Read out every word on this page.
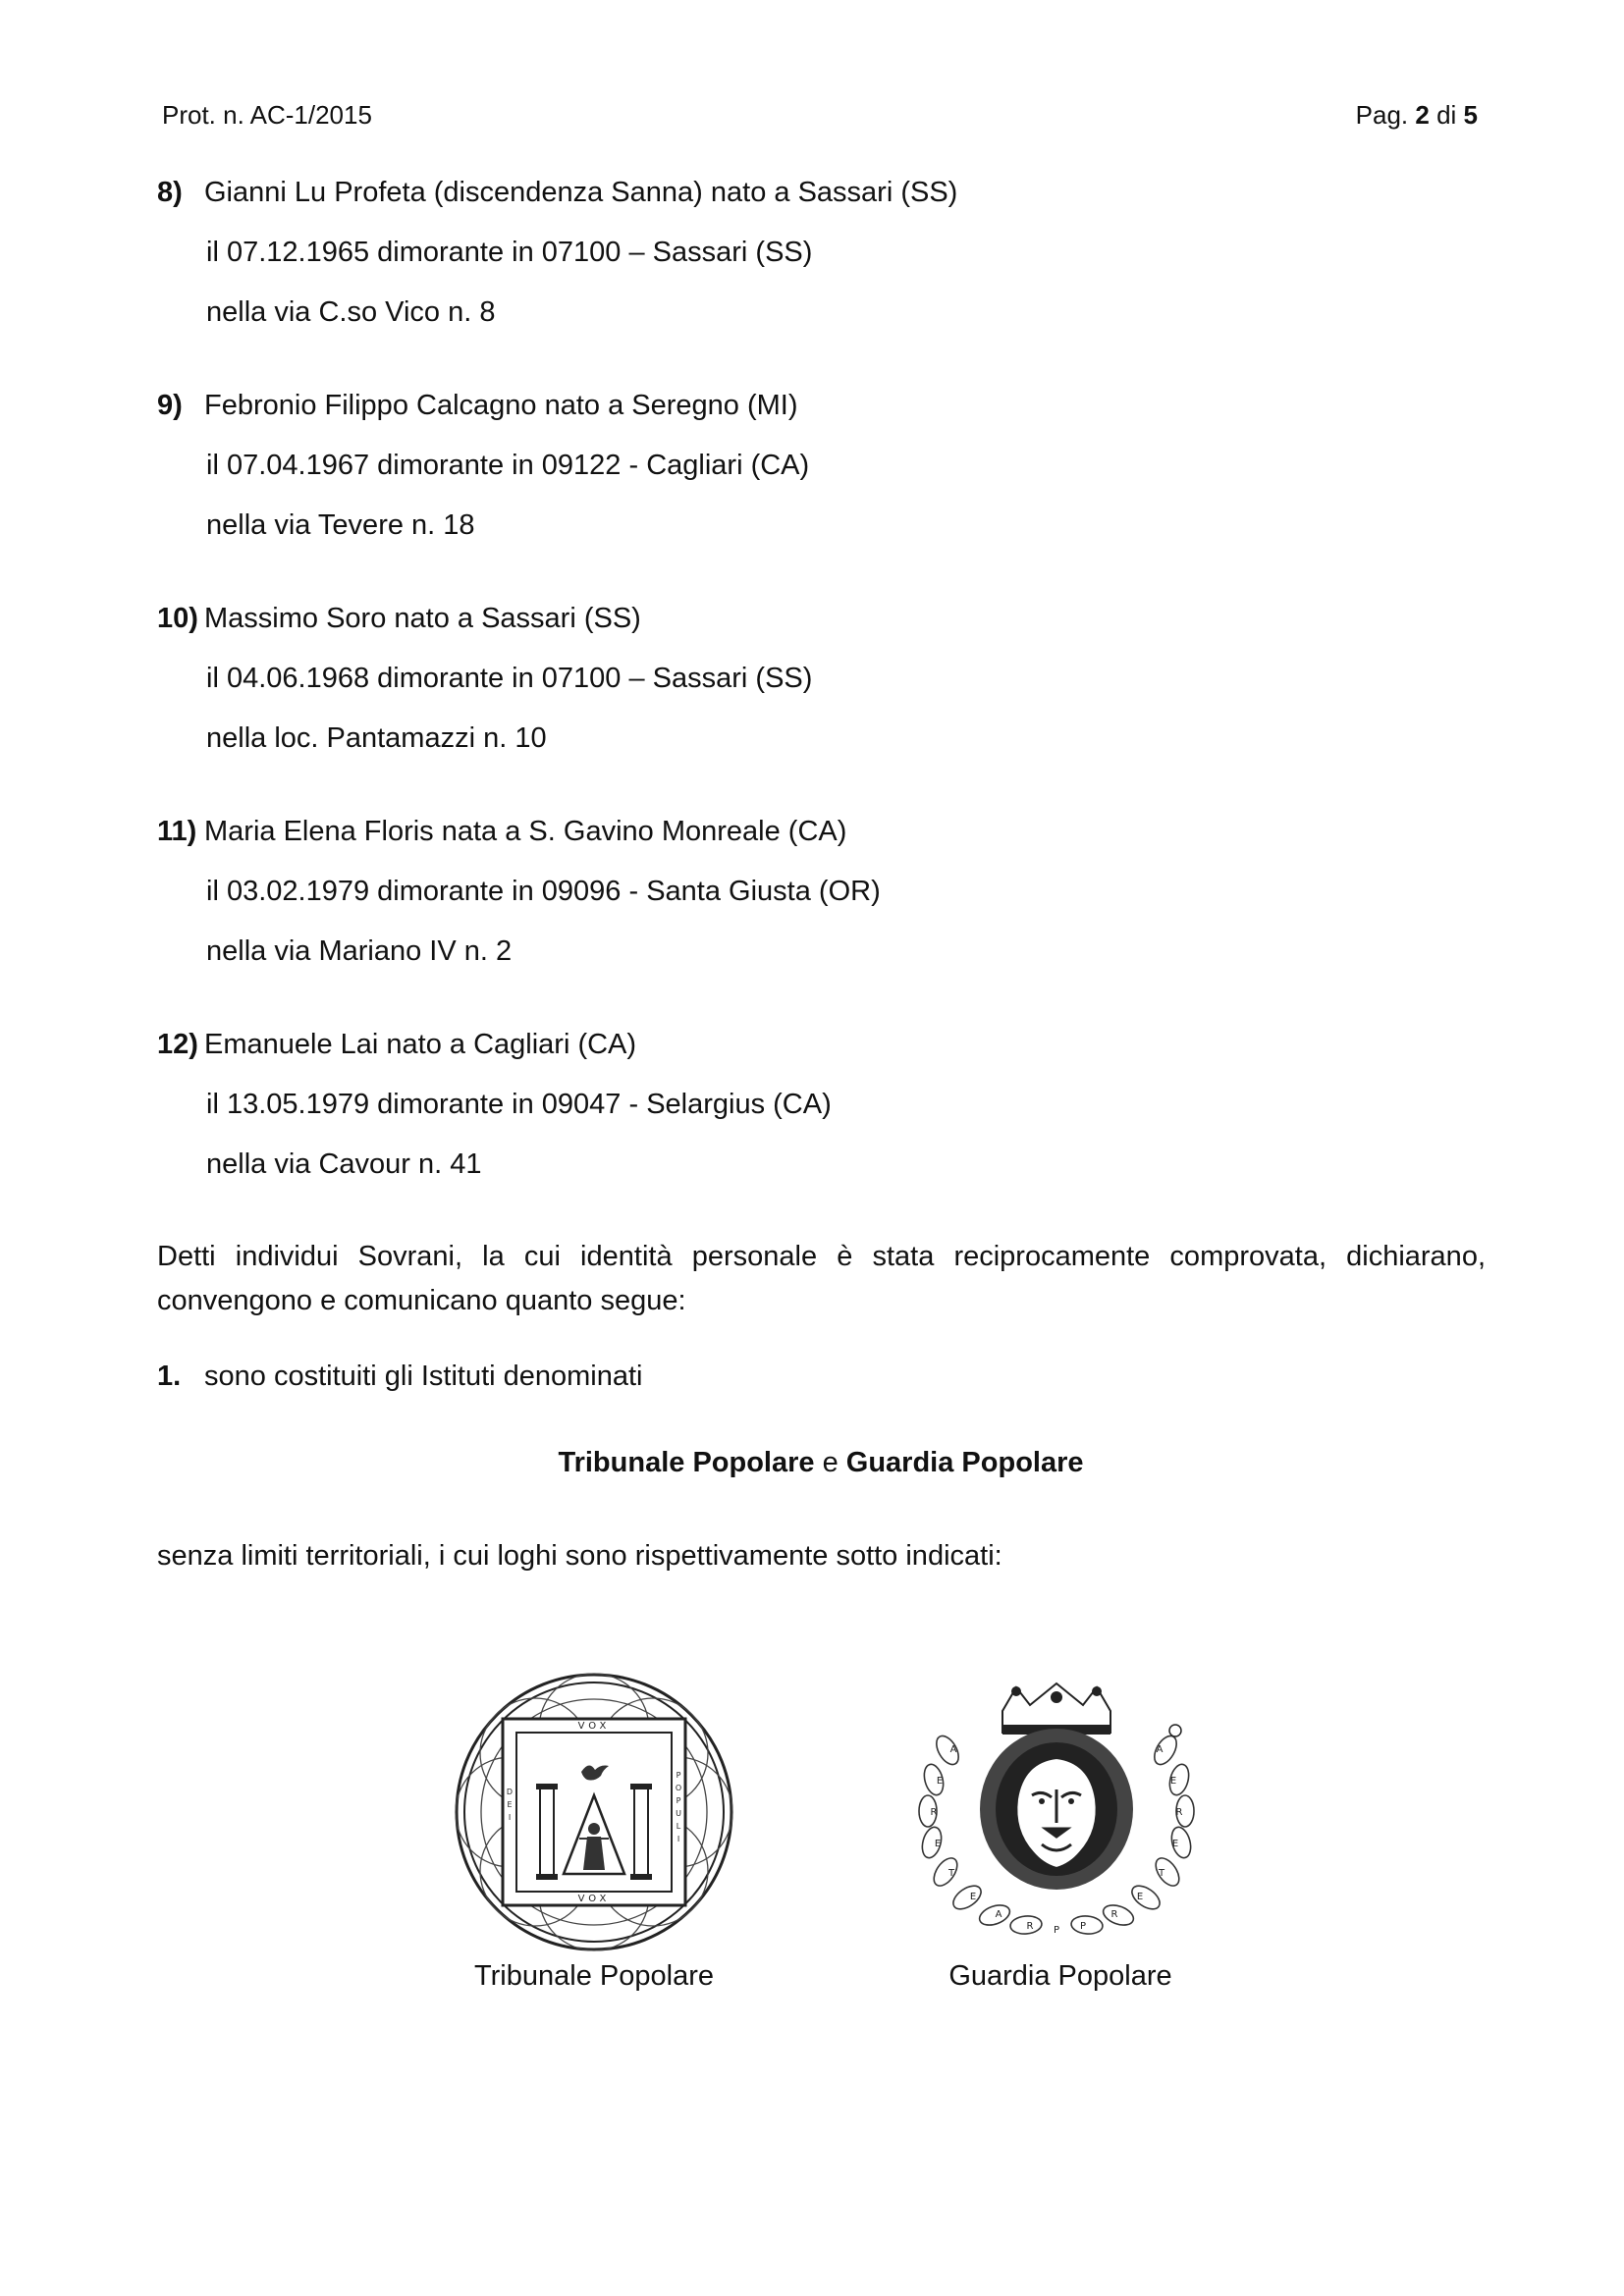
Prot. n. AC-1/2015	Pag. 2 di 5
8) Gianni Lu Profeta (discendenza Sanna) nato a Sassari (SS)
il 07.12.1965 dimorante in 07100 – Sassari (SS)
nella via C.so Vico n. 8
9) Febronio Filippo Calcagno nato a Seregno (MI)
il 07.04.1967 dimorante in 09122 - Cagliari (CA)
nella via Tevere n. 18
10) Massimo Soro nato a Sassari (SS)
il 04.06.1968 dimorante in 07100 – Sassari (SS)
nella loc. Pantamazzi n. 10
11) Maria Elena Floris nata a S. Gavino Monreale (CA)
il 03.02.1979 dimorante in 09096 - Santa Giusta (OR)
nella via Mariano IV n. 2
12) Emanuele Lai nato a Cagliari (CA)
il 13.05.1979 dimorante in 09047 - Selargius (CA)
nella via Cavour n. 41
Detti individui Sovrani, la cui identità personale è stata reciprocamente comprovata, dichiarano,
convengono e comunicano quanto segue:
1. sono costituiti gli Istituti denominati
Tribunale Popolare e Guardia Popolare
senza limiti territoriali, i cui loghi sono rispettivamente sotto indicati:
VOX
VOX
D
E
I
P
O
P
U
L
I
Tribunale Popolare
A
E
R
E
T
E
A
A
E
R
E
T
E
R
R P P
Guardia Popolare
